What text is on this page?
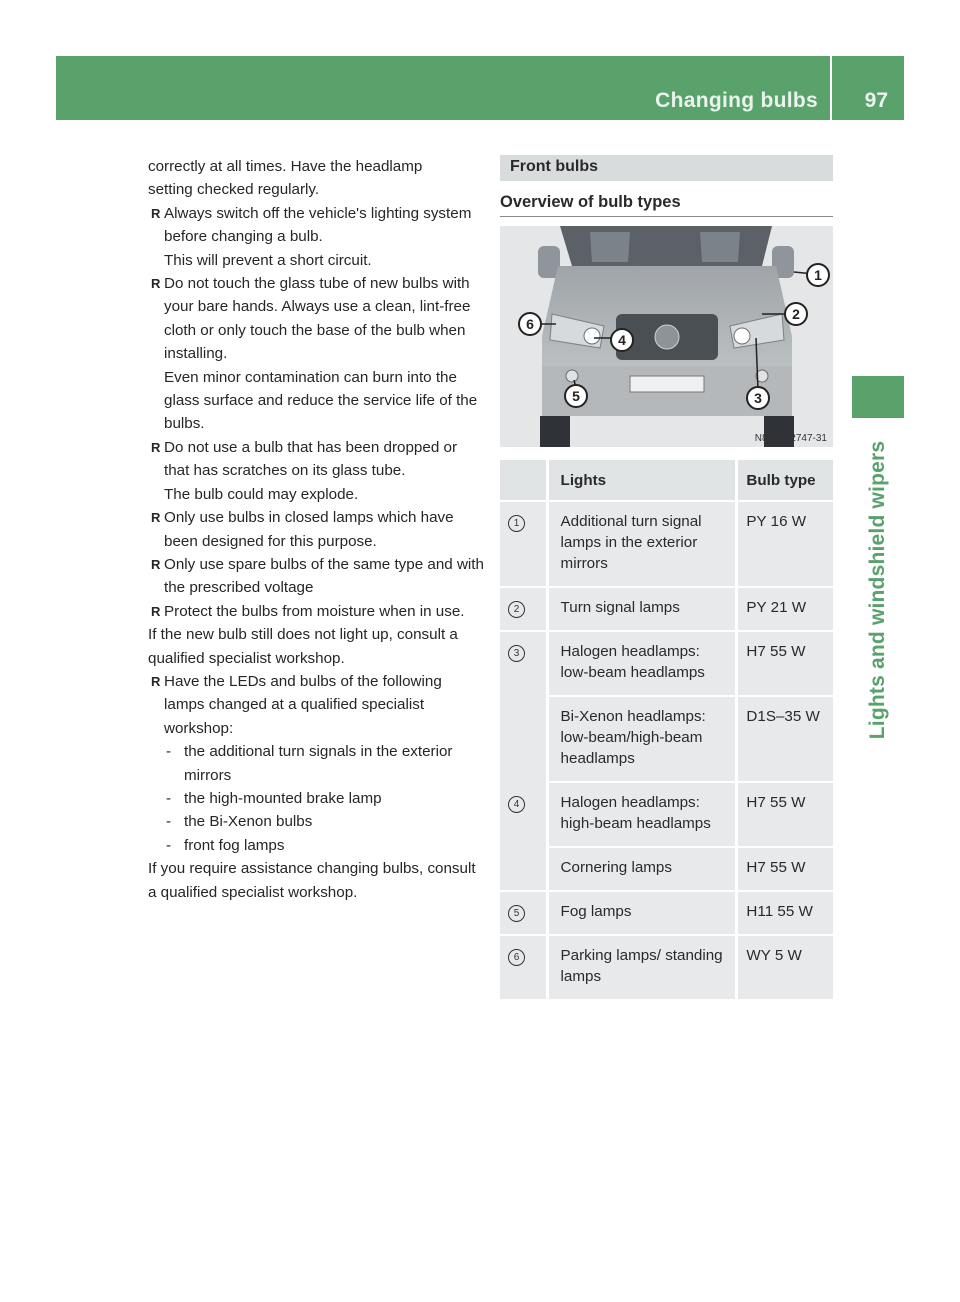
Changing bulbs 97
Lights and windshield wipers

correctly at all times. Have the headlamp

setting checked regularly.

R Always switch off the vehicle's lighting system before changing a bulb.

This will prevent a short circuit.

R Do not touch the glass tube of new bulbs with your bare hands. Always use a clean, lint-free cloth or only touch the base of the bulb when installing.

Even minor contamination can burn into the glass surface and reduce the service life of the bulbs.

R Do not use a bulb that has been dropped or that has scratches on its glass tube.

The bulb could may explode.

R Only use bulbs in closed lamps which have been designed for this purpose.

R Only use spare bulbs of the same type and with the prescribed voltage

R Protect the bulbs from moisture when in use.

If the new bulb still does not light up, consult a qualified specialist workshop.

R Have the LEDs and bulbs of the following lamps changed at a qualified specialist workshop:

- the additional turn signals in the exterior mirrors

- the high-mounted brake lamp

- the Bi-Xenon bulbs

- front fog lamps

If you require assistance changing bulbs, consult a qualified specialist workshop.

Front bulbs
Overview of bulb types
1
2
3
4
5
6
N82.10-2747-31
	Lights	Bulb type
1	Additional turn signal lamps in the exterior mirrors	PY 16 W
2	Turn signal lamps	PY 21 W
3	Halogen headlamps: low-beam headlamps	H7 55 W
	Bi-Xenon headlamps: low-beam/high-beam headlamps	D1S–35 W
4	Halogen headlamps: high-beam headlamps	H7 55 W
	Cornering lamps	H7 55 W
5	Fog lamps	H11 55 W
6	Parking lamps/ standing lamps	WY 5 W
